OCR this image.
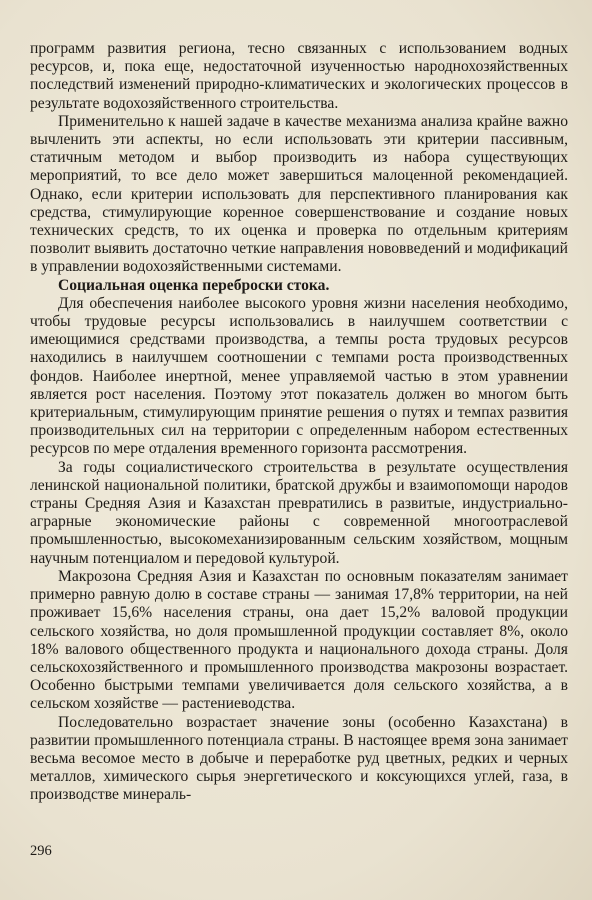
программ развития региона, тесно связанных с использованием водных ресурсов, и, пока еще, недостаточной изученностью народнохозяйственных последствий изменений природно-климатических и экологических процессов в результате водохозяйственного строительства.

Применительно к нашей задаче в качестве механизма анализа крайне важно вычленить эти аспекты, но если использовать эти критерии пассивным, статичным методом и выбор производить из набора существующих мероприятий, то все дело может завершиться малоценной рекомендацией. Однако, если критерии использовать для перспективного планирования как средства, стимулирующие коренное совершенствование и создание новых технических средств, то их оценка и проверка по отдельным критериям позволит выявить достаточно четкие направления нововведений и модификаций в управлении водохозяйственными системами.

Социальная оценка переброски стока.

Для обеспечения наиболее высокого уровня жизни населения необходимо, чтобы трудовые ресурсы использовались в наилучшем соответствии с имеющимися средствами производства, а темпы роста трудовых ресурсов находились в наилучшем соотношении с темпами роста производственных фондов. Наиболее инертной, менее управляемой частью в этом уравнении является рост населения. Поэтому этот показатель должен во многом быть критериальным, стимулирующим принятие решения о путях и темпах развития производительных сил на территории с определенным набором естественных ресурсов по мере отдаления временного горизонта рассмотрения.

За годы социалистического строительства в результате осуществления ленинской национальной политики, братской дружбы и взаимопомощи народов страны Средняя Азия и Казахстан превратились в развитые, индустриально-аграрные экономические районы с современной многоотраслевой промышленностью, высокомеханизированным сельским хозяйством, мощным научным потенциалом и передовой культурой.

Макрозона Средняя Азия и Казахстан по основным показателям занимает примерно равную долю в составе страны — занимая 17,8% территории, на ней проживает 15,6% населения страны, она дает 15,2% валовой продукции сельского хозяйства, но доля промышленной продукции составляет 8%, около 18% валового общественного продукта и национального дохода страны. Доля сельскохозяйственного и промышленного производства макрозоны возрастает. Особенно быстрыми темпами увеличивается доля сельского хозяйства, а в сельском хозяйстве — растениеводства.

Последовательно возрастает значение зоны (особенно Казахстана) в развитии промышленного потенциала страны. В настоящее время зона занимает весьма весомое место в добыче и переработке руд цветных, редких и черных металлов, химического сырья энергетического и коксующихся углей, газа, в производстве минераль-

296
